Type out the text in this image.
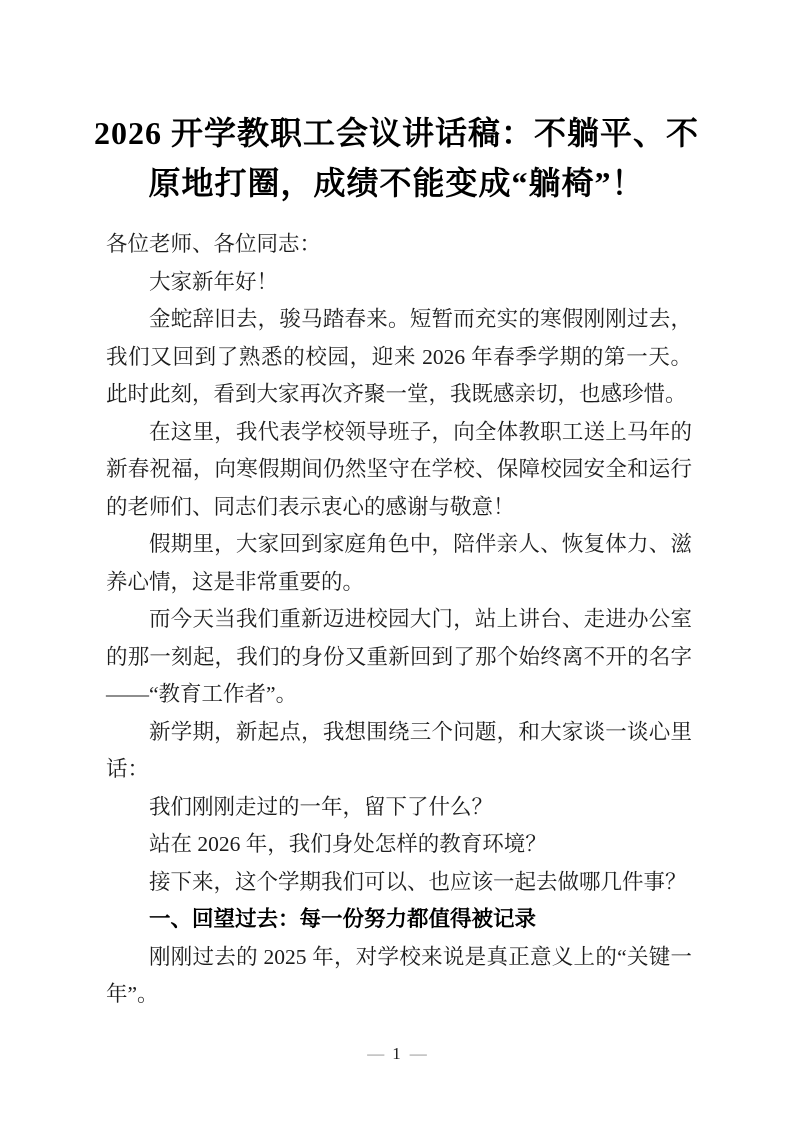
2026 开学教职工会议讲话稿：不躺平、不
原地打圈，成绩不能变成“躺椅”！

各位老师、各位同志：

大家新年好！

金蛇辞旧去，骏马踏春来。短暂而充实的寒假刚刚过去，我们又回到了熟悉的校园，迎来 2026 年春季学期的第一天。此时此刻，看到大家再次齐聚一堂，我既感亲切，也感珍惜。

在这里，我代表学校领导班子，向全体教职工送上马年的新春祝福，向寒假期间仍然坚守在学校、保障校园安全和运行的老师们、同志们表示衷心的感谢与敬意！

假期里，大家回到家庭角色中，陪伴亲人、恢复体力、滋养心情，这是非常重要的。

而今天当我们重新迈进校园大门，站上讲台、走进办公室的那一刻起，我们的身份又重新回到了那个始终离不开的名字——“教育工作者”。

新学期，新起点，我想围绕三个问题，和大家谈一谈心里话：

我们刚刚走过的一年，留下了什么？

站在 2026 年，我们身处怎样的教育环境？

接下来，这个学期我们可以、也应该一起去做哪几件事？

一、回望过去：每一份努力都值得被记录

刚刚过去的 2025 年，对学校来说是真正意义上的“关键一年”。

— 1 —
